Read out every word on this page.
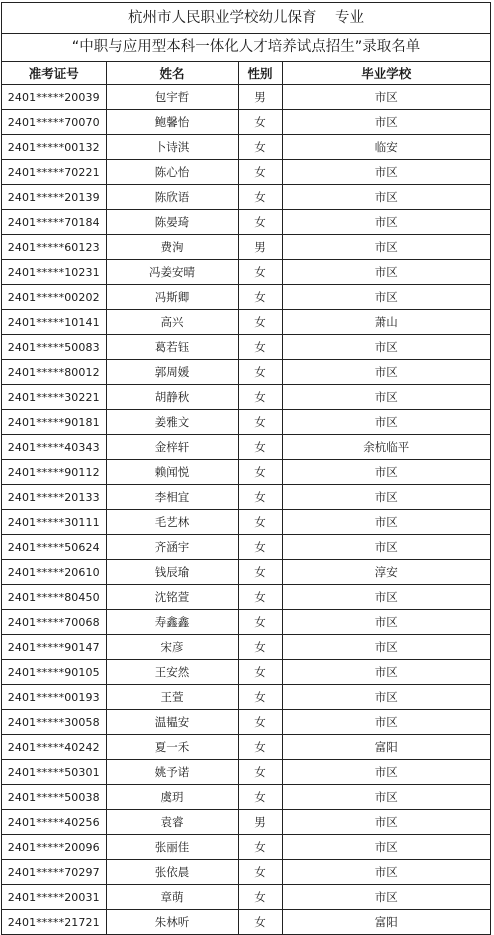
杭州市人民职业学校幼儿保育    专业
“中职与应用型本科一体化人才培养试点招生”录取名单
准考证号	姓名	性别	毕业学校
2401*****20039	包宇哲	男	市区
2401*****70070	鲍馨怡	女	市区
2401*****00132	卜诗淇	女	临安
2401*****70221	陈心怡	女	市区
2401*****20139	陈欣语	女	市区
2401*****70184	陈晏琦	女	市区
2401*****60123	费洵	男	市区
2401*****10231	冯姜安晴	女	市区
2401*****00202	冯斯卿	女	市区
2401*****10141	高兴	女	萧山
2401*****50083	葛若钰	女	市区
2401*****80012	郭周媛	女	市区
2401*****30221	胡静秋	女	市区
2401*****90181	姜雅文	女	市区
2401*****40343	金梓轩	女	余杭临平
2401*****90112	赖闻悦	女	市区
2401*****20133	李相宜	女	市区
2401*****30111	毛艺林	女	市区
2401*****50624	齐涵宇	女	市区
2401*****20610	钱辰瑜	女	淳安
2401*****80450	沈铭萱	女	市区
2401*****70068	寿鑫鑫	女	市区
2401*****90147	宋彦	女	市区
2401*****90105	王安然	女	市区
2401*****00193	王萱	女	市区
2401*****30058	温韫安	女	市区
2401*****40242	夏一禾	女	富阳
2401*****50301	姚予诺	女	市区
2401*****50038	虞玥	女	市区
2401*****40256	袁睿	男	市区
2401*****20096	张丽佳	女	市区
2401*****70297	张依晨	女	市区
2401*****20031	章萌	女	市区
2401*****21721	朱林听	女	富阳
